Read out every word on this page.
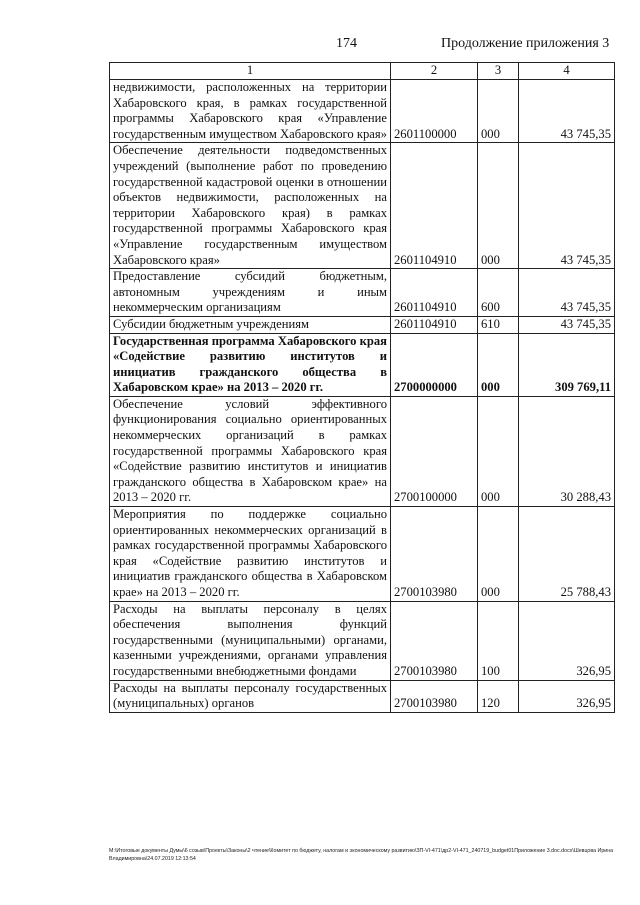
174	Продолжение приложения 3
1	2	3	4
недвижимости, расположенных на территории Хабаровского края, в рамках государственной программы Хабаровского края «Управление государственным имуществом Хабаровского края»	2601100000	000	43 745,35
Обеспечение деятельности подведомственных учреждений (выполнение работ по проведению государственной кадастровой оценки в отношении объектов недвижимости, расположенных на территории Хабаровского края) в рамках государственной программы Хабаровского края «Управление государственным имуществом Хабаровского края»	2601104910	000	43 745,35
Предоставление субсидий бюджетным, автономным учреждениям и иным некоммерческим организациям	2601104910	600	43 745,35
Субсидии бюджетным учреждениям	2601104910	610	43 745,35
Государственная программа Хабаровского края «Содействие развитию институтов и инициатив гражданского общества в Хабаровском крае» на 2013 – 2020 гг.	2700000000	000	309 769,11
Обеспечение условий эффективного функционирования социально ориентированных некоммерческих организаций в рамках государственной программы Хабаровского края «Содействие развитию институтов и инициатив гражданского общества в Хабаровском крае» на 2013 – 2020 гг.	2700100000	000	30 288,43
Мероприятия по поддержке социально ориентированных некоммерческих организаций в рамках государственной программы Хабаровского края «Содействие развитию институтов и инициатив гражданского общества в Хабаровском крае» на 2013 – 2020 гг.	2700103980	000	25 788,43
Расходы на выплаты персоналу в целях обеспечения выполнения функций государственными (муниципальными) органами, казенными учреждениями, органами управления государственными внебюджетными фондами	2700103980	100	326,95
Расходы на выплаты персоналу государственных (муниципальных) органов	2700103980	120	326,95
M:\Итоговые документы Думы\6 созыв\Проекты\Законы\2 чтение\Комитет по бюджету, налогам и экономическому развитию\ЗП-VI-471\др2-VI-471_240719_budget01Приложение 3.doc.docx\Шевцова Ирина Владимировна\24.07.2019 12:13:54
